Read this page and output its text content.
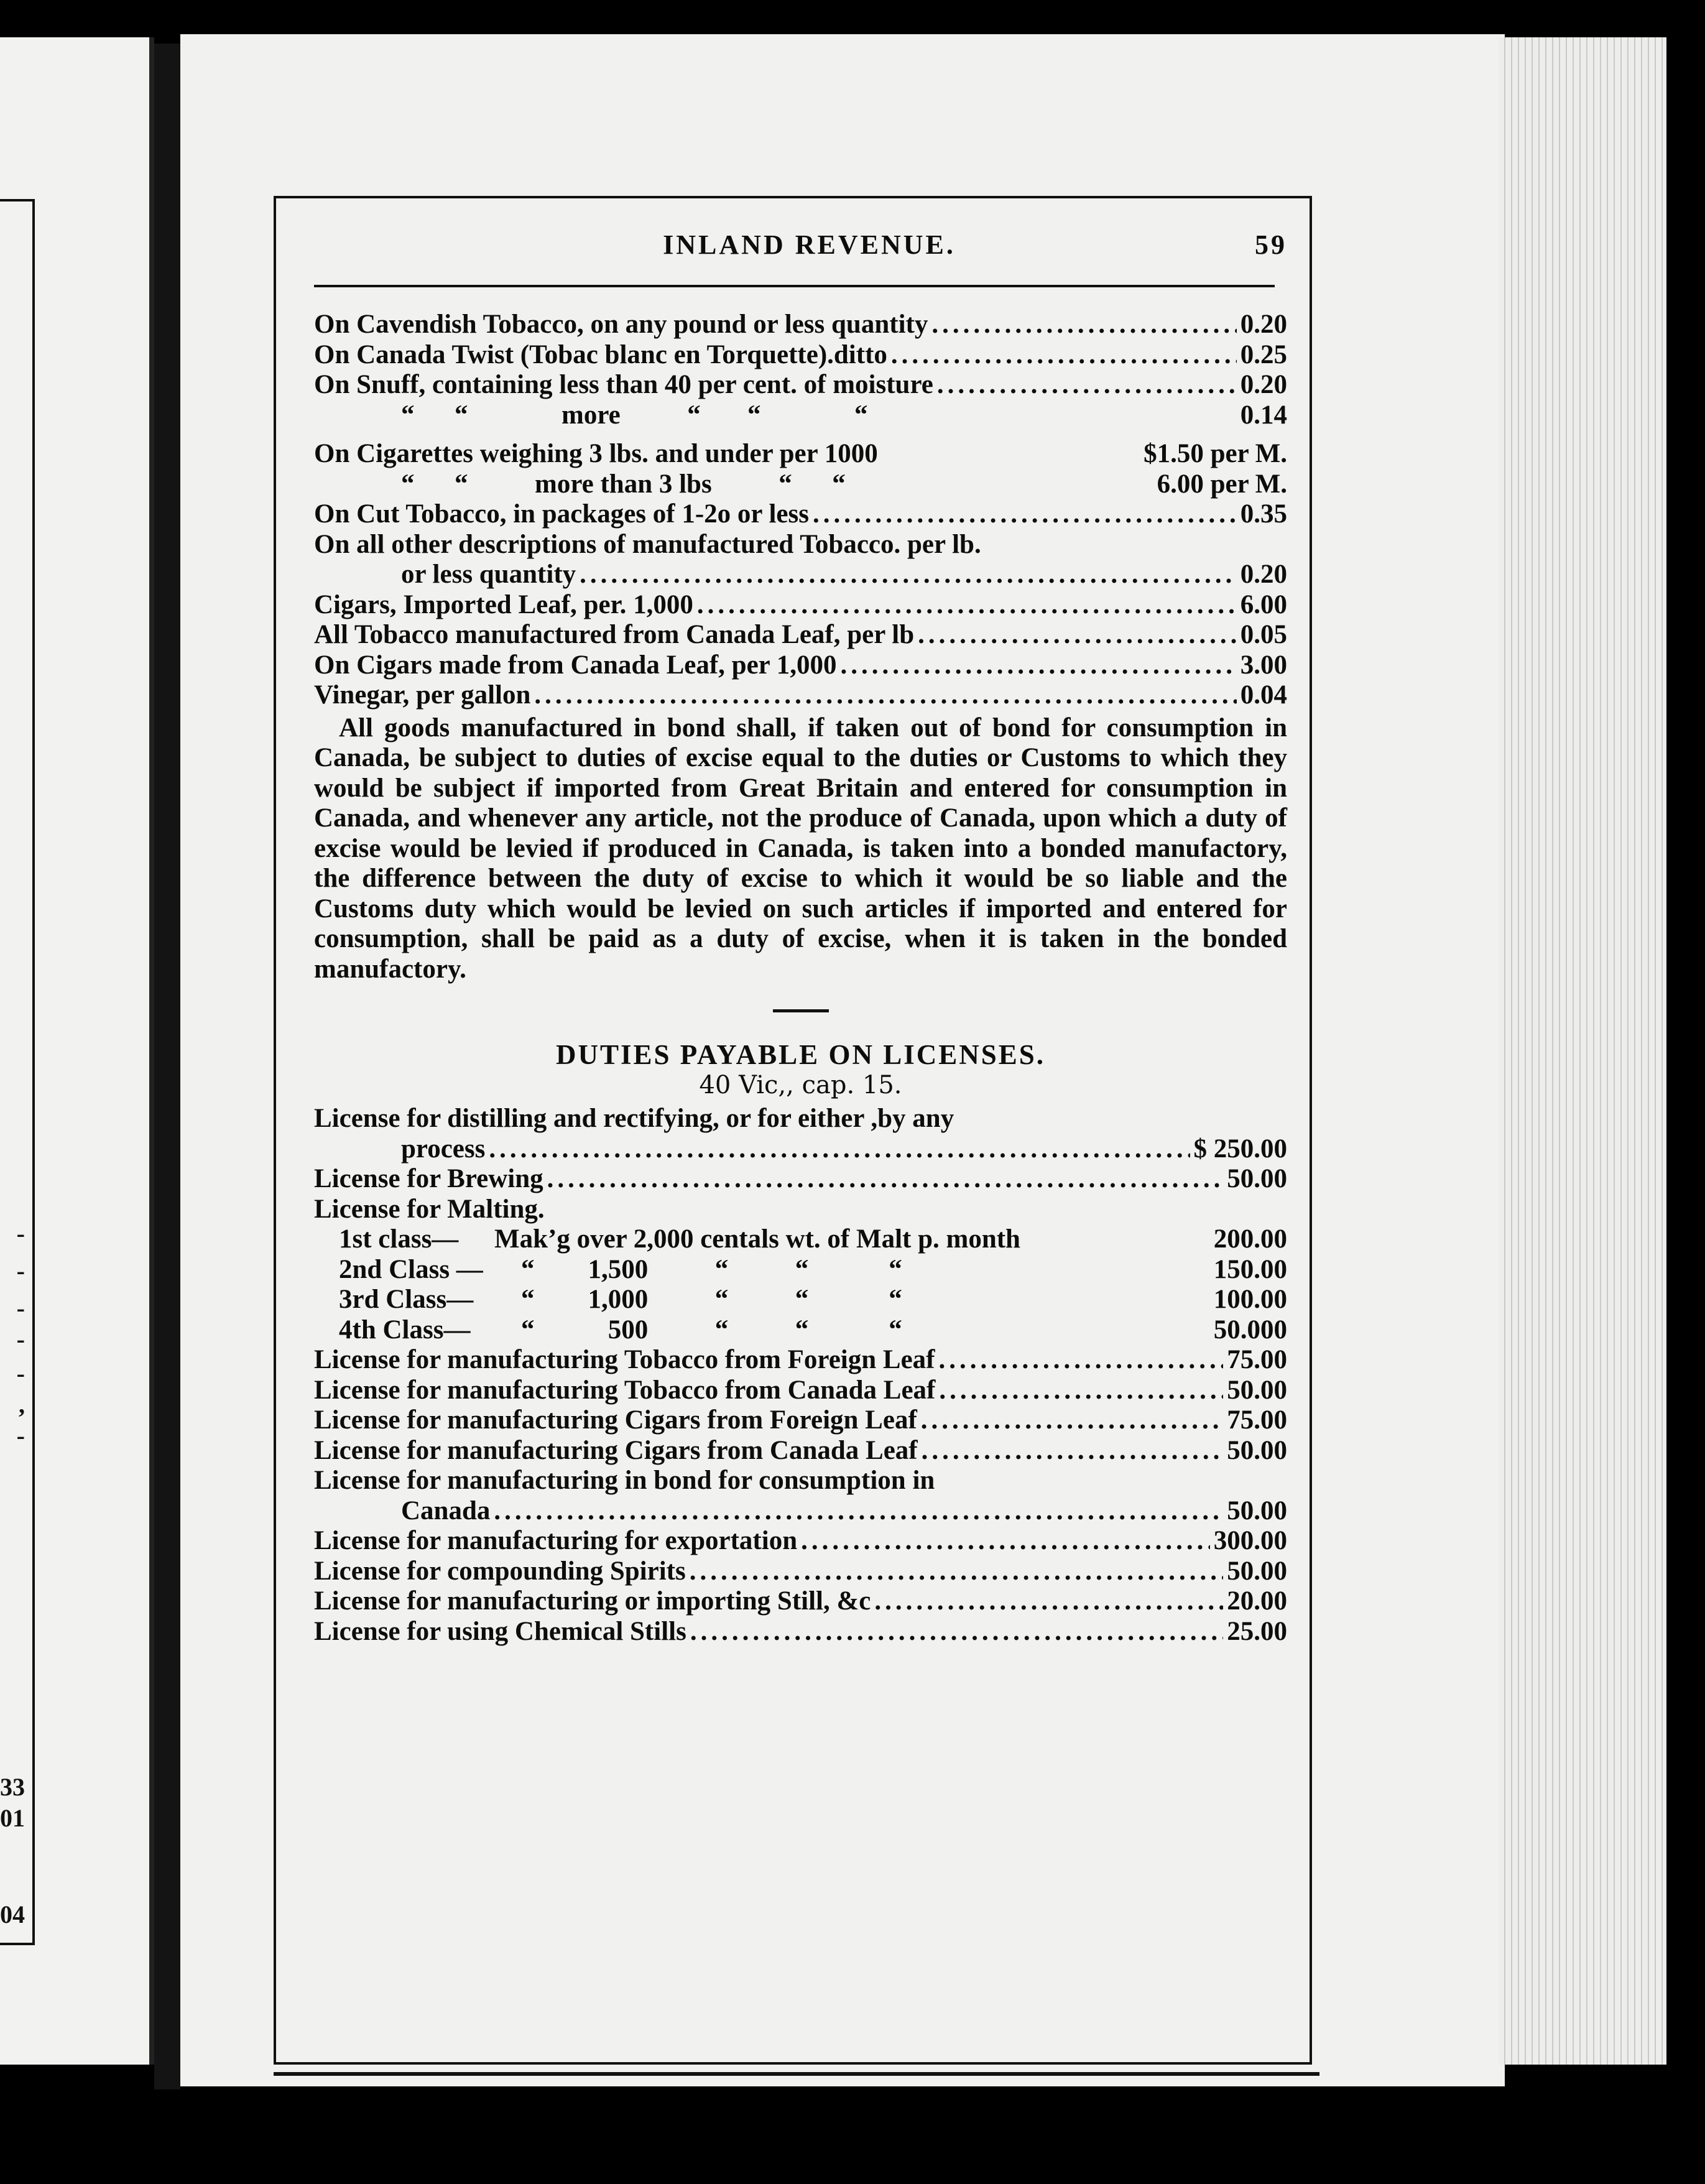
-
-
-
-
-
,
-
33
01
04
INLAND REVENUE.	59
On Cavendish Tobacco, on any pound or less quantity .....	0.20
On Canada Twist (Tobac blanc en Torquette).ditto .....	0.25
On Snuff, containing less than 40 per cent. of moisture .....	0.20
“      “              more          “       “              “	0.14
On Cigarettes weighing 3 lbs. and under per 1000	$1.50 per M.
“      “          more than 3 lbs          “      “	6.00 per M.
On Cut Tobacco, in packages of 1-2o or less .....	0.35
On all other descriptions of manufactured Tobacco. per lb.
or less quantity .....	0.20
Cigars, Imported Leaf, per. 1,000 .....	6.00
All Tobacco manufactured from Canada Leaf, per lb .....	0.05
On Cigars made from Canada Leaf, per 1,000 .....	3.00
Vinegar, per gallon .....	0.04
All goods manufactured in bond shall, if taken out of bond for consumption in Canada, be subject to duties of excise equal to the duties or Customs to which they would be subject if imported from Great Britain and entered for consumption in Canada, and whenever any article, not the produce of Canada, upon which a duty of excise would be levied if produced in Canada, is taken into a bonded manufactory, the difference between the duty of excise to which it would be so liable and the Customs duty which would be levied on such articles if imported and entered for consumption, shall be paid as a duty of excise, when it is taken in the bonded manufactory.
DUTIES PAYABLE ON LICENSES.
40 Vic,, cap. 15.
License for distilling and rectifying, or for either ,by any
process .....	$ 250.00
License for Brewing .....	50.00
License for Malting.
1st class—	Mak’g over 2,000 centals wt. of Malt p. month	200.00
2nd Class — “        1,500          “          “            “	150.00
3rd Class— “        1,000          “          “            “	100.00
4th Class— “           500          “          “            “	50.000
License for manufacturing Tobacco from Foreign Leaf .....	75.00
License for manufacturing Tobacco from Canada Leaf .....	50.00
License for manufacturing Cigars from Foreign Leaf .....	75.00
License for manufacturing Cigars from Canada Leaf .....	50.00
License for manufacturing in bond for consumption in
Canada .....	50.00
License for manufacturing for exportation .....	300.00
License for compounding Spirits .....	50.00
License for manufacturing or importing Still, &c .....	20.00
License for using Chemical Stills .....	25.00
